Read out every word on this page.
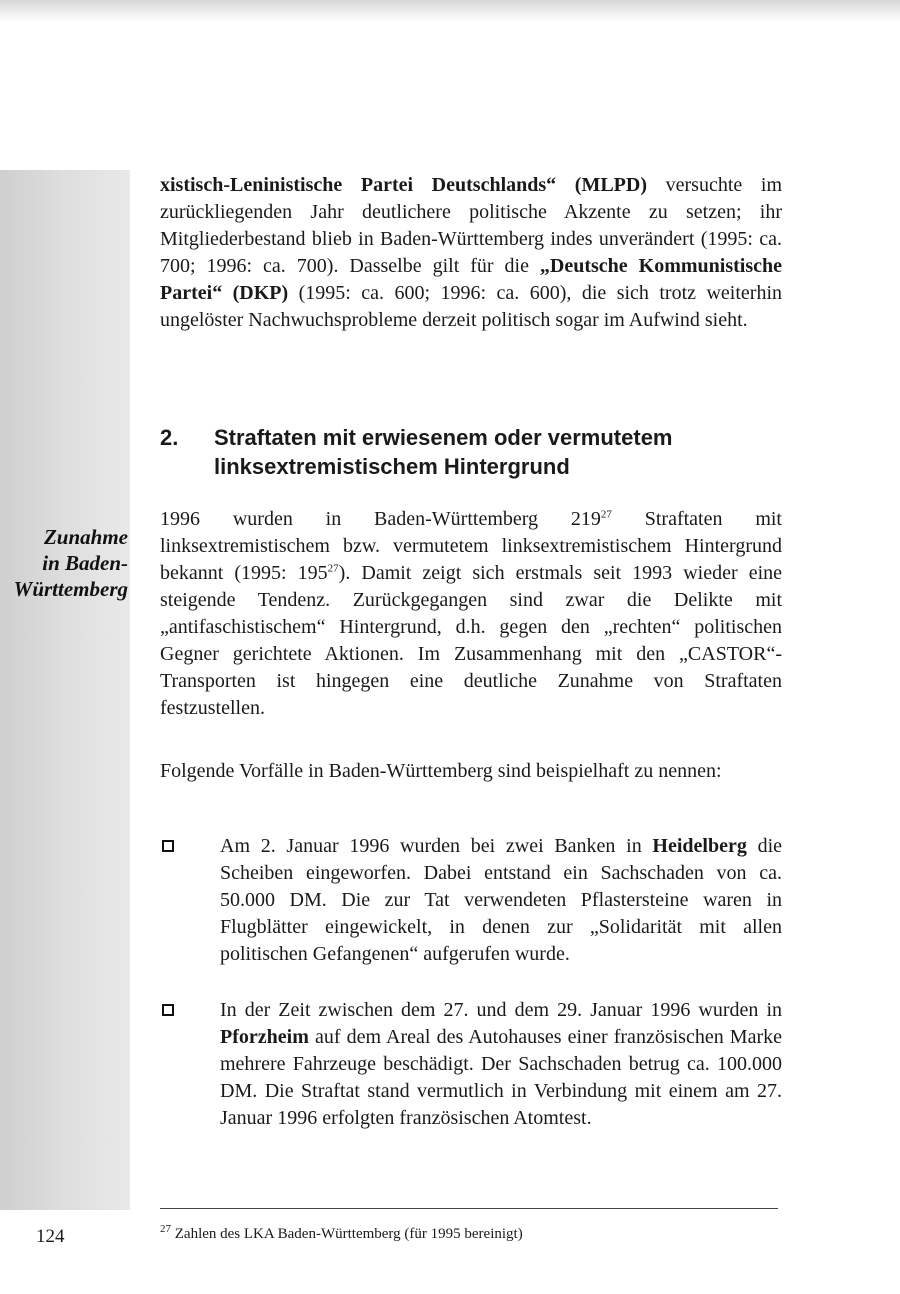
Zunahme
in Baden-
Württemberg
xistisch-Leninistische Partei Deutschlands“ (MLPD) versuchte im zurückliegenden Jahr deutlichere politische Akzente zu setzen; ihr Mitgliederbestand blieb in Baden-Württemberg indes unverändert (1995: ca. 700; 1996: ca. 700). Dasselbe gilt für die „Deutsche Kommunistische Partei“ (DKP) (1995: ca. 600; 1996: ca. 600), die sich trotz weiterhin ungelöster Nachwuchsprobleme derzeit politisch sogar im Aufwind sieht.
2. Straftaten mit erwiesenem oder vermutetem linksextremistischem Hintergrund
1996 wurden in Baden-Württemberg $219^{27}$ Straftaten mit linksextremistischem bzw. vermutetem linksextremistischem Hintergrund bekannt (1995: $195^{27}$). Damit zeigt sich erstmals seit 1993 wieder eine steigende Tendenz. Zurückgegangen sind zwar die Delikte mit „antifaschistischem“ Hintergrund, d.h. gegen den „rechten“ politischen Gegner gerichtete Aktionen. Im Zusammenhang mit den „CASTOR“-Transporten ist hingegen eine deutliche Zunahme von Straftaten festzustellen.
Folgende Vorfälle in Baden-Württemberg sind beispielhaft zu nennen:
Am 2. Januar 1996 wurden bei zwei Banken in Heidelberg die Scheiben eingeworfen. Dabei entstand ein Sachschaden von ca. 50.000 DM. Die zur Tat verwendeten Pflastersteine waren in Flugblätter eingewickelt, in denen zur „Solidarität mit allen politischen Gefangenen“ aufgerufen wurde.
In der Zeit zwischen dem 27. und dem 29. Januar 1996 wurden in Pforzheim auf dem Areal des Autohauses einer französischen Marke mehrere Fahrzeuge beschädigt. Der Sachschaden betrug ca. 100.000 DM. Die Straftat stand vermutlich in Verbindung mit einem am 27. Januar 1996 erfolgten französischen Atomtest.
$^{27}$ Zahlen des LKA Baden-Württemberg (für 1995 bereinigt)
124
